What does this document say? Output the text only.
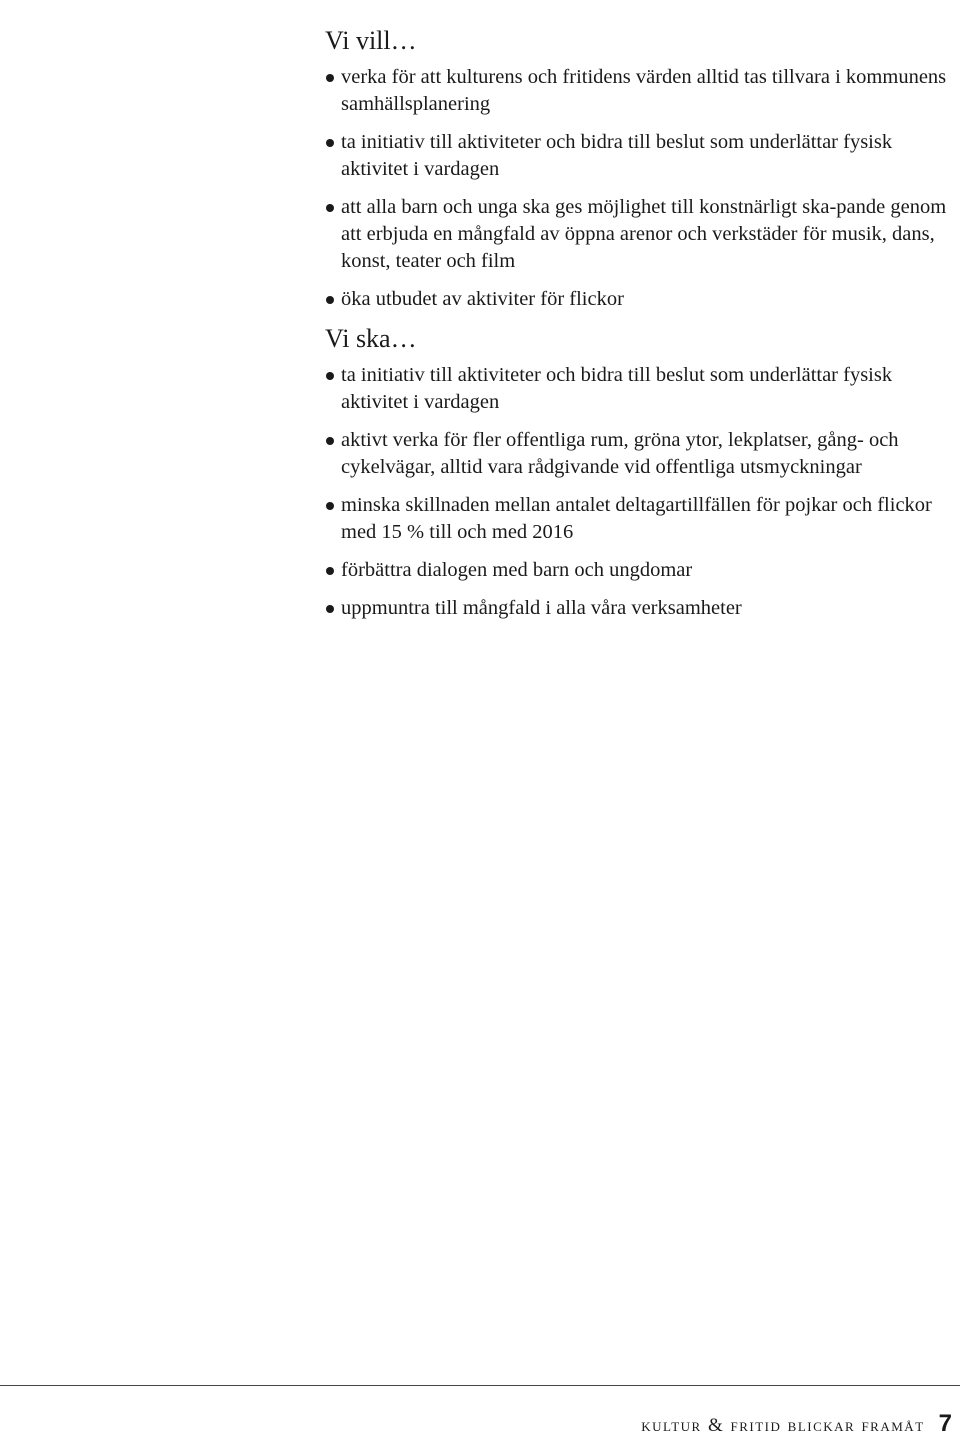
Vi vill…
verka för att kulturens och fritidens värden alltid tas tillvara i kommunens samhällsplanering
ta initiativ till aktiviteter och bidra till beslut som underlättar fysisk aktivitet i vardagen
att alla barn och unga ska ges möjlighet till konstnärligt ska-pande genom att erbjuda en mångfald av öppna arenor och verkstäder för musik, dans, konst, teater och film
öka utbudet av aktiviter för flickor
Vi ska…
ta initiativ till aktiviteter och bidra till beslut som underlättar fysisk aktivitet i vardagen
aktivt verka för fler offentliga rum, gröna ytor, lekplatser, gång- och cykelvägar, alltid vara rådgivande vid offentliga utsmyckningar
minska skillnaden mellan antalet deltagartillfällen för pojkar och flickor med 15 % till och med 2016
förbättra dialogen med barn och ungdomar
uppmuntra till mångfald i alla våra verksamheter
kultur & fritid blickar framåt 7
